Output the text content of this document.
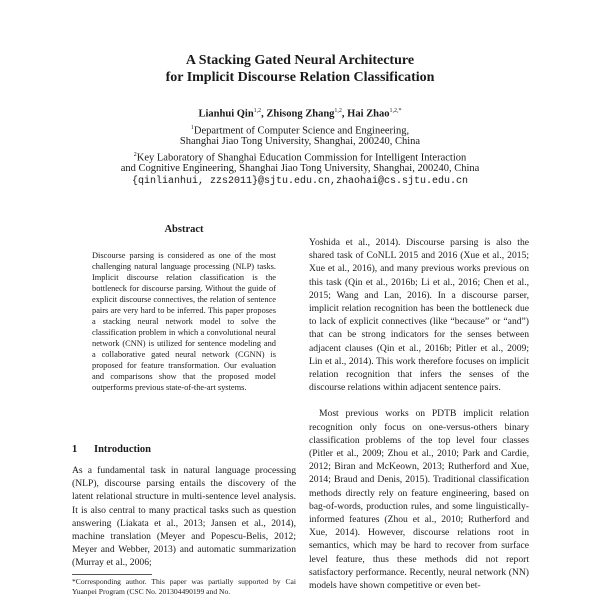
A Stacking Gated Neural Architecture
for Implicit Discourse Relation Classification
Lianhui Qin$^{1,2}$, Zhisong Zhang$^{1,2}$, Hai Zhao$^{1,2,*}$
$^1$Department of Computer Science and Engineering,
Shanghai Jiao Tong University, Shanghai, 200240, China
$^2$Key Laboratory of Shanghai Education Commission for Intelligent Interaction
and Cognitive Engineering, Shanghai Jiao Tong University, Shanghai, 200240, China
{qinlianhui, zzs2011}@sjtu.edu.cn,zhaohai@cs.sjtu.edu.cn
Abstract

Discourse parsing is considered as one of the most challenging natural language processing (NLP) tasks. Implicit discourse relation classification is the bottleneck for discourse parsing. Without the guide of explicit discourse connectives, the relation of sentence pairs are very hard to be inferred. This paper proposes a stacking neural network model to solve the classification problem in which a convolutional neural network (CNN) is utilized for sentence modeling and a collaborative gated neural network (CGNN) is proposed for feature transformation. Our evaluation and comparisons show that the proposed model outperforms previous state-of-the-art systems.

1 Introduction

As a fundamental task in natural language processing (NLP), discourse parsing entails the discovery of the latent relational structure in multi-sentence level analysis. It is also central to many practical tasks such as question answering (Liakata et al., 2013; Jansen et al., 2014), machine translation (Meyer and Popescu-Belis, 2012; Meyer and Webber, 2013) and automatic summarization (Murray et al., 2006;

*Corresponding author. This paper was partially supported by Cai Yuanpei Program (CSC No. 201304490199 and No.

Yoshida et al., 2014). Discourse parsing is also the shared task of CoNLL 2015 and 2016 (Xue et al., 2015; Xue et al., 2016), and many previous works previous on this task (Qin et al., 2016b; Li et al., 2016; Chen et al., 2015; Wang and Lan, 2016). In a discourse parser, implicit relation recognition has been the bottleneck due to lack of explicit connectives (like “because” or “and”) that can be strong indicators for the senses between adjacent clauses (Qin et al., 2016b; Pitler et al., 2009; Lin et al., 2014). This work therefore focuses on implicit relation recognition that infers the senses of the discourse relations within adjacent sentence pairs.

Most previous works on PDTB implicit relation recognition only focus on one-versus-others binary classification problems of the top level four classes (Pitler et al., 2009; Zhou et al., 2010; Park and Cardie, 2012; Biran and McKeown, 2013; Rutherford and Xue, 2014; Braud and Denis, 2015). Traditional classification methods directly rely on feature engineering, based on bag-of-words, production rules, and some linguistically-informed features (Zhou et al., 2010; Rutherford and Xue, 2014). However, discourse relations root in semantics, which may be hard to recover from surface level feature, thus these methods did not report satisfactory performance. Recently, neural network (NN) models have shown competitive or even bet-
